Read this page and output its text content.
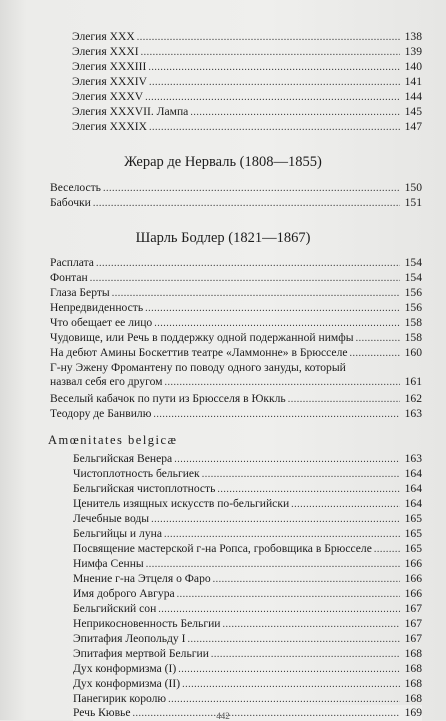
Элегия XXX . . .	138
Элегия XXXI . . .	139
Элегия XXXIII . . .	140
Элегия XXXIV . . .	141
Элегия XXXV . . .	144
Элегия XXXVII. Лампа . . .	145
Элегия XXXIX . . .	147
Жерар де Нерваль (1808—1855)
Веселость . . .	150
Бабочки . . .	151
Шарль Бодлер (1821—1867)
Расплата . . .	154
Фонтан . . .	154
Глаза Берты . . .	156
Непредвиденность . . .	156
Что обещает ее лицо . . .	158
Чудовище, или Речь в поддержку одной подержанной нимфы . . .	158
На дебют Амины Боскеттив театре «Ламмонне» в Брюсселе . . .	160
Г-ну Эжену Фромантену по поводу одного зануды, который
назвал себя его другом . . .	161
Веселый кабачок по пути из Брюсселя в Юккль . . .	162
Теодору де Банвилю . . .	163
Amœnitates belgicæ
Бельгийская Венера . . .	163
Чистоплотность бельгиек . . .	164
Бельгийская чистоплотность . . .	164
Ценитель изящных искусств по-бельгийски . . .	164
Лечебные воды . . .	165
Бельгийцы и луна . . .	165
Посвящение мастерской г-на Ропса, гробовщика в Брюсселе . . .	165
Нимфа Сенны . . .	166
Мнение г-на Этцеля о Фаро . . .	166
Имя доброго Авгура . . .	166
Бельгийский сон . . .	167
Неприкосновенность Бельгии . . .	167
Эпитафия Леопольду I . . .	167
Эпитафия мертвой Бельгии . . .	168
Дух конформизма (I) . . .	168
Дух конформизма (II) . . .	168
Панегирик королю . . .	168
Речь Кювье . . .	169
442
